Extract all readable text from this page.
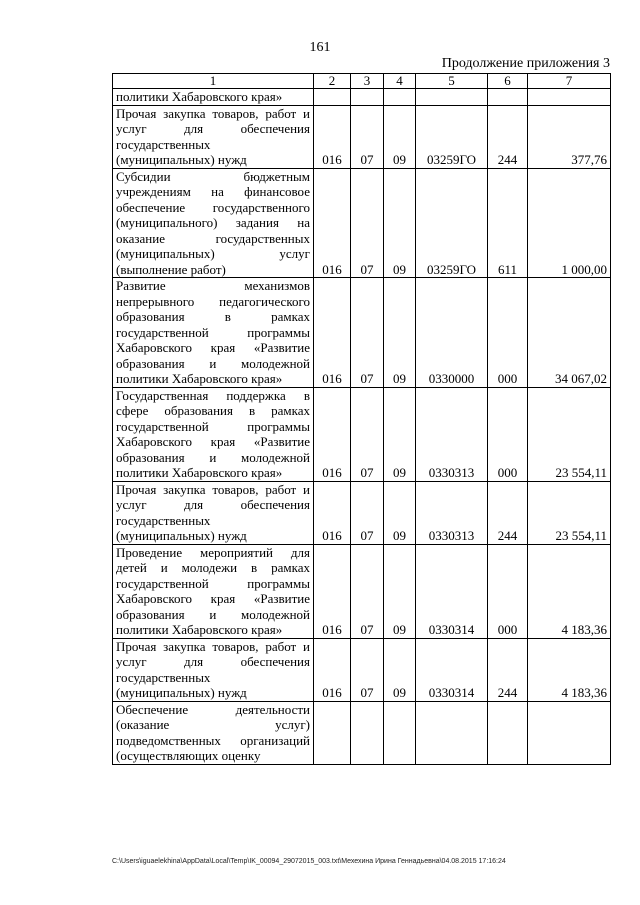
161
Продолжение приложения 3
1	2	3	4	5	6	7
политики Хабаровского края»						
Прочая закупка товаров, работ и услуг для обеспечения государственных (муниципальных) нужд	016	07	09	03259ГО	244	377,76
Субсидии бюджетным учреждениям на финансовое обеспечение государственного (муниципального) задания на оказание государственных (муниципальных) услуг (выполнение работ)	016	07	09	03259ГО	611	1 000,00
Развитие механизмов непрерывного педагогического образования в рамках государственной программы Хабаровского края «Развитие образования и молодежной политики Хабаровского края»	016	07	09	0330000	000	34 067,02
Государственная поддержка в сфере образования в рамках государственной программы Хабаровского края «Развитие образования и молодежной политики Хабаровского края»	016	07	09	0330313	000	23 554,11
Прочая закупка товаров, работ и услуг для обеспечения государственных (муниципальных) нужд	016	07	09	0330313	244	23 554,11
Проведение мероприятий для детей и молодежи в рамках государственной программы Хабаровского края «Развитие образования и молодежной политики Хабаровского края»	016	07	09	0330314	000	4 183,36
Прочая закупка товаров, работ и услуг для обеспечения государственных (муниципальных) нужд	016	07	09	0330314	244	4 183,36
Обеспечение деятельности (оказание услуг) подведомственных организаций (осуществляющих оценку						
C:\Users\iguaelekhina\AppData\Local\Temp\IK_00094_29072015_003.txt\Мехехина Ирина Геннадьевна\04.08.2015 17:16:24
